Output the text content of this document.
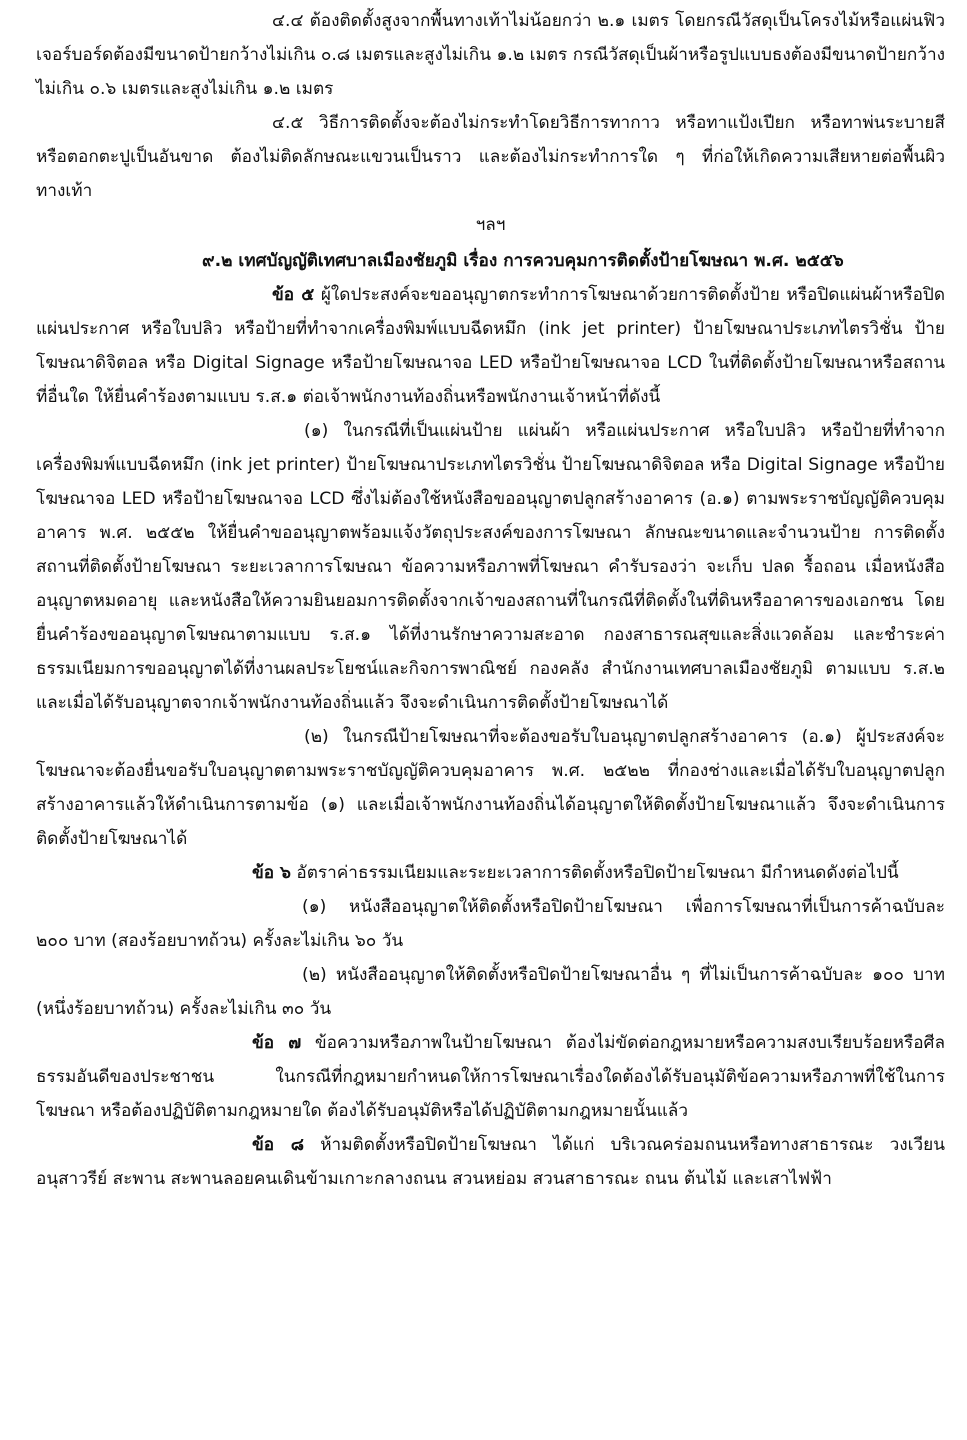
๔.๔ ต้องติดตั้งสูงจากพื้นทางเท้าไม่น้อยกว่า ๒.๑ เมตร โดยกรณีวัสดุเป็นโครงไม้หรือแผ่นฟิวเจอร์บอร์ดต้องมีขนาดป้ายกว้างไม่เกิน ๐.๘ เมตรและสูงไม่เกิน ๑.๒ เมตร กรณีวัสดุเป็นผ้าหรือรูปแบบธงต้องมีขนาดป้ายกว้างไม่เกิน ๐.๖ เมตรและสูงไม่เกิน ๑.๒ เมตร

๔.๕ วิธีการติดตั้งจะต้องไม่กระทำโดยวิธีการทากาว หรือทาแป้งเปียก หรือทาพ่นระบายสี หรือตอกตะปูเป็นอันขาด ต้องไม่ติดลักษณะแขวนเป็นราว และต้องไม่กระทำการใด ๆ ที่ก่อให้เกิดความเสียหายต่อพื้นผิวทางเท้า

ฯลฯ

๙.๒ เทศบัญญัติเทศบาลเมืองชัยภูมิ เรื่อง การควบคุมการติดตั้งป้ายโฆษณา พ.ศ. ๒๕๕๖

ข้อ ๕ ผู้ใดประสงค์จะขออนุญาตกระทำการโฆษณาด้วยการติดตั้งป้าย หรือปิดแผ่นผ้าหรือปิดแผ่นประกาศ หรือใบปลิว หรือป้ายที่ทำจากเครื่องพิมพ์แบบฉีดหมึก (ink jet printer) ป้ายโฆษณาประเภทไตรวิชั่น ป้ายโฆษณาดิจิตอล หรือ Digital Signage หรือป้ายโฆษณาจอ LED หรือป้ายโฆษณาจอ LCD ในที่ติดตั้งป้ายโฆษณาหรือสถานที่อื่นใด ให้ยื่นคำร้องตามแบบ ร.ส.๑ ต่อเจ้าพนักงานท้องถิ่นหรือพนักงานเจ้าหน้าที่ดังนี้

(๑) ในกรณีที่เป็นแผ่นป้าย แผ่นผ้า หรือแผ่นประกาศ หรือใบปลิว หรือป้ายที่ทำจากเครื่องพิมพ์แบบฉีดหมึก (ink jet printer) ป้ายโฆษณาประเภทไตรวิชั่น ป้ายโฆษณาดิจิตอล หรือ Digital Signage หรือป้ายโฆษณาจอ LED หรือป้ายโฆษณาจอ LCD ซึ่งไม่ต้องใช้หนังสือขออนุญาตปลูกสร้างอาคาร (อ.๑) ตามพระราชบัญญัติควบคุมอาคาร พ.ศ. ๒๕๕๒ ให้ยื่นคำขออนุญาตพร้อมแจ้งวัตถุประสงค์ของการโฆษณา ลักษณะขนาดและจำนวนป้าย การติดตั้ง สถานที่ติดตั้งป้ายโฆษณา ระยะเวลาการโฆษณา ข้อความหรือภาพที่โฆษณา คำรับรองว่า จะเก็บ ปลด รื้อถอน เมื่อหนังสืออนุญาตหมดอายุ และหนังสือให้ความยินยอมการติดตั้งจากเจ้าของสถานที่ในกรณีที่ติดตั้งในที่ดินหรืออาคารของเอกชน โดยยื่นคำร้องขออนุญาตโฆษณาตามแบบ ร.ส.๑ ได้ที่งานรักษาความสะอาด กองสาธารณสุขและสิ่งแวดล้อม และชำระค่าธรรมเนียมการขออนุญาตได้ที่งานผลประโยชน์และกิจการพาณิชย์ กองคลัง สำนักงานเทศบาลเมืองชัยภูมิ ตามแบบ ร.ส.๒ และเมื่อได้รับอนุญาตจากเจ้าพนักงานท้องถิ่นแล้ว จึงจะดำเนินการติดตั้งป้ายโฆษณาได้

(๒) ในกรณีป้ายโฆษณาที่จะต้องขอรับใบอนุญาตปลูกสร้างอาคาร (อ.๑) ผู้ประสงค์จะโฆษณาจะต้องยื่นขอรับใบอนุญาตตามพระราชบัญญัติควบคุมอาคาร พ.ศ. ๒๕๒๒ ที่กองช่างและเมื่อได้รับใบอนุญาตปลูกสร้างอาคารแล้วให้ดำเนินการตามข้อ (๑) และเมื่อเจ้าพนักงานท้องถิ่นได้อนุญาตให้ติดตั้งป้ายโฆษณาแล้ว จึงจะดำเนินการติดตั้งป้ายโฆษณาได้

ข้อ ๖ อัตราค่าธรรมเนียมและระยะเวลาการติดตั้งหรือปิดป้ายโฆษณา มีกำหนดดังต่อไปนี้

(๑) หนังสืออนุญาตให้ติดตั้งหรือปิดป้ายโฆษณา เพื่อการโฆษณาที่เป็นการค้าฉบับละ ๒๐๐ บาท (สองร้อยบาทถ้วน) ครั้งละไม่เกิน ๖๐ วัน

(๒) หนังสืออนุญาตให้ติดตั้งหรือปิดป้ายโฆษณาอื่น ๆ ที่ไม่เป็นการค้าฉบับละ ๑๐๐ บาท (หนึ่งร้อยบาทถ้วน) ครั้งละไม่เกิน ๓๐ วัน

ข้อ ๗ ข้อความหรือภาพในป้ายโฆษณา ต้องไม่ขัดต่อกฎหมายหรือความสงบเรียบร้อยหรือศีลธรรมอันดีของประชาชน ในกรณีที่กฎหมายกำหนดให้การโฆษณาเรื่องใดต้องได้รับอนุมัติข้อความหรือภาพที่ใช้ในการโฆษณา หรือต้องปฏิบัติตามกฎหมายใด ต้องได้รับอนุมัติหรือได้ปฏิบัติตามกฎหมายนั้นแล้ว

ข้อ ๘ ห้ามติดตั้งหรือปิดป้ายโฆษณา ได้แก่ บริเวณคร่อมถนนหรือทางสาธารณะ วงเวียน อนุสาวรีย์ สะพาน สะพานลอยคนเดินข้ามเกาะกลางถนน สวนหย่อม สวนสาธารณะ ถนน ต้นไม้ และเสาไฟฟ้า
